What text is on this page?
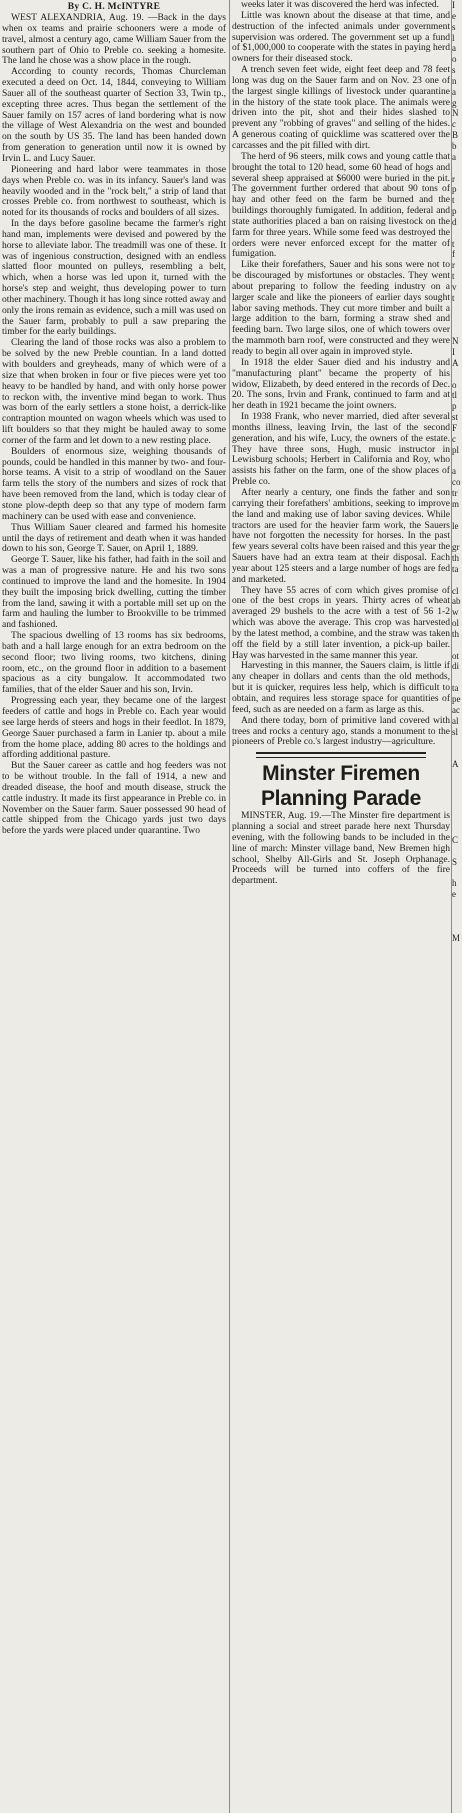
By C. H. McINTYRE

WEST ALEXANDRIA, Aug. 19. —Back in the days when ox teams and prairie schooners were a mode of travel, almost a century ago, came William Sauer from the southern part of Ohio to Preble co. seeking a homesite. The land he chose was a show place in the rough.

According to county records, Thomas Churcleman executed a deed on Oct. 14, 1844, conveying to William Sauer all of the southeast quarter of Section 33, Twin tp., excepting three acres. Thus began the settlement of the Sauer family on 157 acres of land bordering what is now the village of West Alexandria on the west and bounded on the south by US 35. The land has been handed down from generation to generation until now it is owned by Irvin L. and Lucy Sauer.

Pioneering and hard labor were teammates in those days when Preble co. was in its infancy. Sauer's land was heavily wooded and in the "rock belt," a strip of land that crosses Preble co. from northwest to southeast, which is noted for its thousands of rocks and boulders of all sizes.

In the days before gasoline became the farmer's right hand man, implements were devised and powered by the horse to alleviate labor. The treadmill was one of these. It was of ingenious construction, designed with an endless slatted floor mounted on pulleys, resembling a belt, which, when a horse was led upon it, turned with the horse's step and weight, thus developing power to turn other machinery. Though it has long since rotted away and only the irons remain as evidence, such a mill was used on the Sauer farm, probably to pull a saw preparing the timber for the early buildings.

Clearing the land of those rocks was also a problem to be solved by the new Preble countian. In a land dotted with boulders and greyheads, many of which were of a size that when broken in four or five pieces were yet too heavy to be handled by hand, and with only horse power to reckon with, the inventive mind began to work. Thus was born of the early settlers a stone hoist, a derrick-like contraption mounted on wagon wheels which was used to lift boulders so that they might be hauled away to some corner of the farm and let down to a new resting place.

Boulders of enormous size, weighing thousands of pounds, could be handled in this manner by two- and four-horse teams. A visit to a strip of woodland on the Sauer farm tells the story of the numbers and sizes of rock that have been removed from the land, which is today clear of stone plow-depth deep so that any type of modern farm machinery can be used with ease and convenience.

Thus William Sauer cleared and farmed his homesite until the days of retirement and death when it was handed down to his son, George T. Sauer, on April 1, 1889.

George T. Sauer, like his father, had faith in the soil and was a man of progressive nature. He and his two sons continued to improve the land and the homesite. In 1904 they built the imposing brick dwelling, cutting the timber from the land, sawing it with a portable mill set up on the farm and hauling the lumber to Brookville to be trimmed and fashioned.

The spacious dwelling of 13 rooms has six bedrooms, bath and a hall large enough for an extra bedroom on the second floor; two living rooms, two kitchens, dining room, etc., on the ground floor in addition to a basement spacious as a city bungalow. It accommodated two families, that of the elder Sauer and his son, Irvin.

Progressing each year, they became one of the largest feeders of cattle and hogs in Preble co. Each year would see large herds of steers and hogs in their feedlot. In 1879, George Sauer purchased a farm in Lanier tp. about a mile from the home place, adding 80 acres to the holdings and affording additional pasture.

But the Sauer career as cattle and hog feeders was not to be without trouble. In the fall of 1914, a new and dreaded disease, the hoof and mouth disease, struck the cattle industry. It made its first appearance in Preble co. in November on the Sauer farm. Sauer possessed 90 head of cattle shipped from the Chicago yards just two days before the yards were placed under quarantine. Two

weeks later it was discovered the herd was infected.

Little was known about the disease at that time, and destruction of the infected animals under government supervision was ordered. The government set up a fund of $1,000,000 to cooperate with the states in paying herd owners for their diseased stock.

A trench seven feet wide, eight feet deep and 78 feet long was dug on the Sauer farm and on Nov. 23 one of the largest single killings of livestock under quarantine in the history of the state took place. The animals were driven into the pit, shot and their hides slashed to prevent any "robbing of graves" and selling of the hides. A generous coating of quicklime was scattered over the carcasses and the pit filled with dirt.

The herd of 96 steers, milk cows and young cattle that brought the total to 120 head, some 60 head of hogs and several sheep appraised at $6000 were buried in the pit. The government further ordered that about 90 tons of hay and other feed on the farm be burned and the buildings thoroughly fumigated. In addition, federal and state authorities placed a ban on raising livestock on the farm for three years. While some feed was destroyed the orders were never enforced except for the matter of fumigation.

Like their forefathers, Sauer and his sons were not to be discouraged by misfortunes or obstacles. They went about preparing to follow the feeding industry on a larger scale and like the pioneers of earlier days sought labor saving methods. They cut more timber and built a large addition to the barn, forming a straw shed and feeding barn. Two large silos, one of which towers over the mammoth barn roof, were constructed and they were ready to begin all over again in improved style.

In 1918 the elder Sauer died and his industry and "manufacturing plant" became the property of his widow, Elizabeth, by deed entered in the records of Dec. 20. The sons, Irvin and Frank, continued to farm and at her death in 1921 became the joint owners.

In 1938 Frank, who never married, died after several months illness, leaving Irvin, the last of the second generation, and his wife, Lucy, the owners of the estate. They have three sons, Hugh, music instructor in Lewisburg schools; Herbert in California and Roy, who assists his father on the farm, one of the show places of Preble co.

After nearly a century, one finds the father and son carrying their forefathers' ambitions, seeking to improve the land and making use of labor saving devices. While tractors are used for the heavier farm work, the Sauers have not forgotten the necessity for horses. In the past few years several colts have been raised and this year the Sauers have had an extra team at their disposal. Each year about 125 steers and a large number of hogs are fed and marketed.

They have 55 acres of corn which gives promise of one of the best crops in years. Thirty acres of wheat averaged 29 bushels to the acre with a test of 56 1-2 which was above the average. This crop was harvested by the latest method, a combine, and the straw was taken off the field by a still later invention, a pick-up bailer. Hay was harvested in the same manner this year.

Harvesting in this manner, the Sauers claim, is little if any cheaper in dollars and cents than the old methods, but it is quicker, requires less help, which is difficult to obtain, and requires less storage space for quantities of feed, such as are needed on a farm as large as this.

And there today, born of primitive land covered with trees and rocks a century ago, stands a monument to the pioneers of Preble co.'s largest industry—agriculture.

Minster Firemen
Planning Parade

MINSTER, Aug. 19.—The Minster fire department is planning a social and street parade here next Thursday evening, with the following bands to be included in the line of march: Minster village band, New Bremen high school, Shelby All-Girls and St. Joseph Orphanage. Proceeds will be turned into coffers of the fire department.

I
e
s
l
a
o
s
n
a
g
N
c
B
b
a

r
p
t
p
d

t
f
r
t
v
t

N
I
A

o
tl
p
st
F
c
pl

a
co
tr
m

le

gr
th
ta

cl
ab
w
ol
th

ot
di

ta
pe
ac
al
sl

A

C

S

h
e

M
